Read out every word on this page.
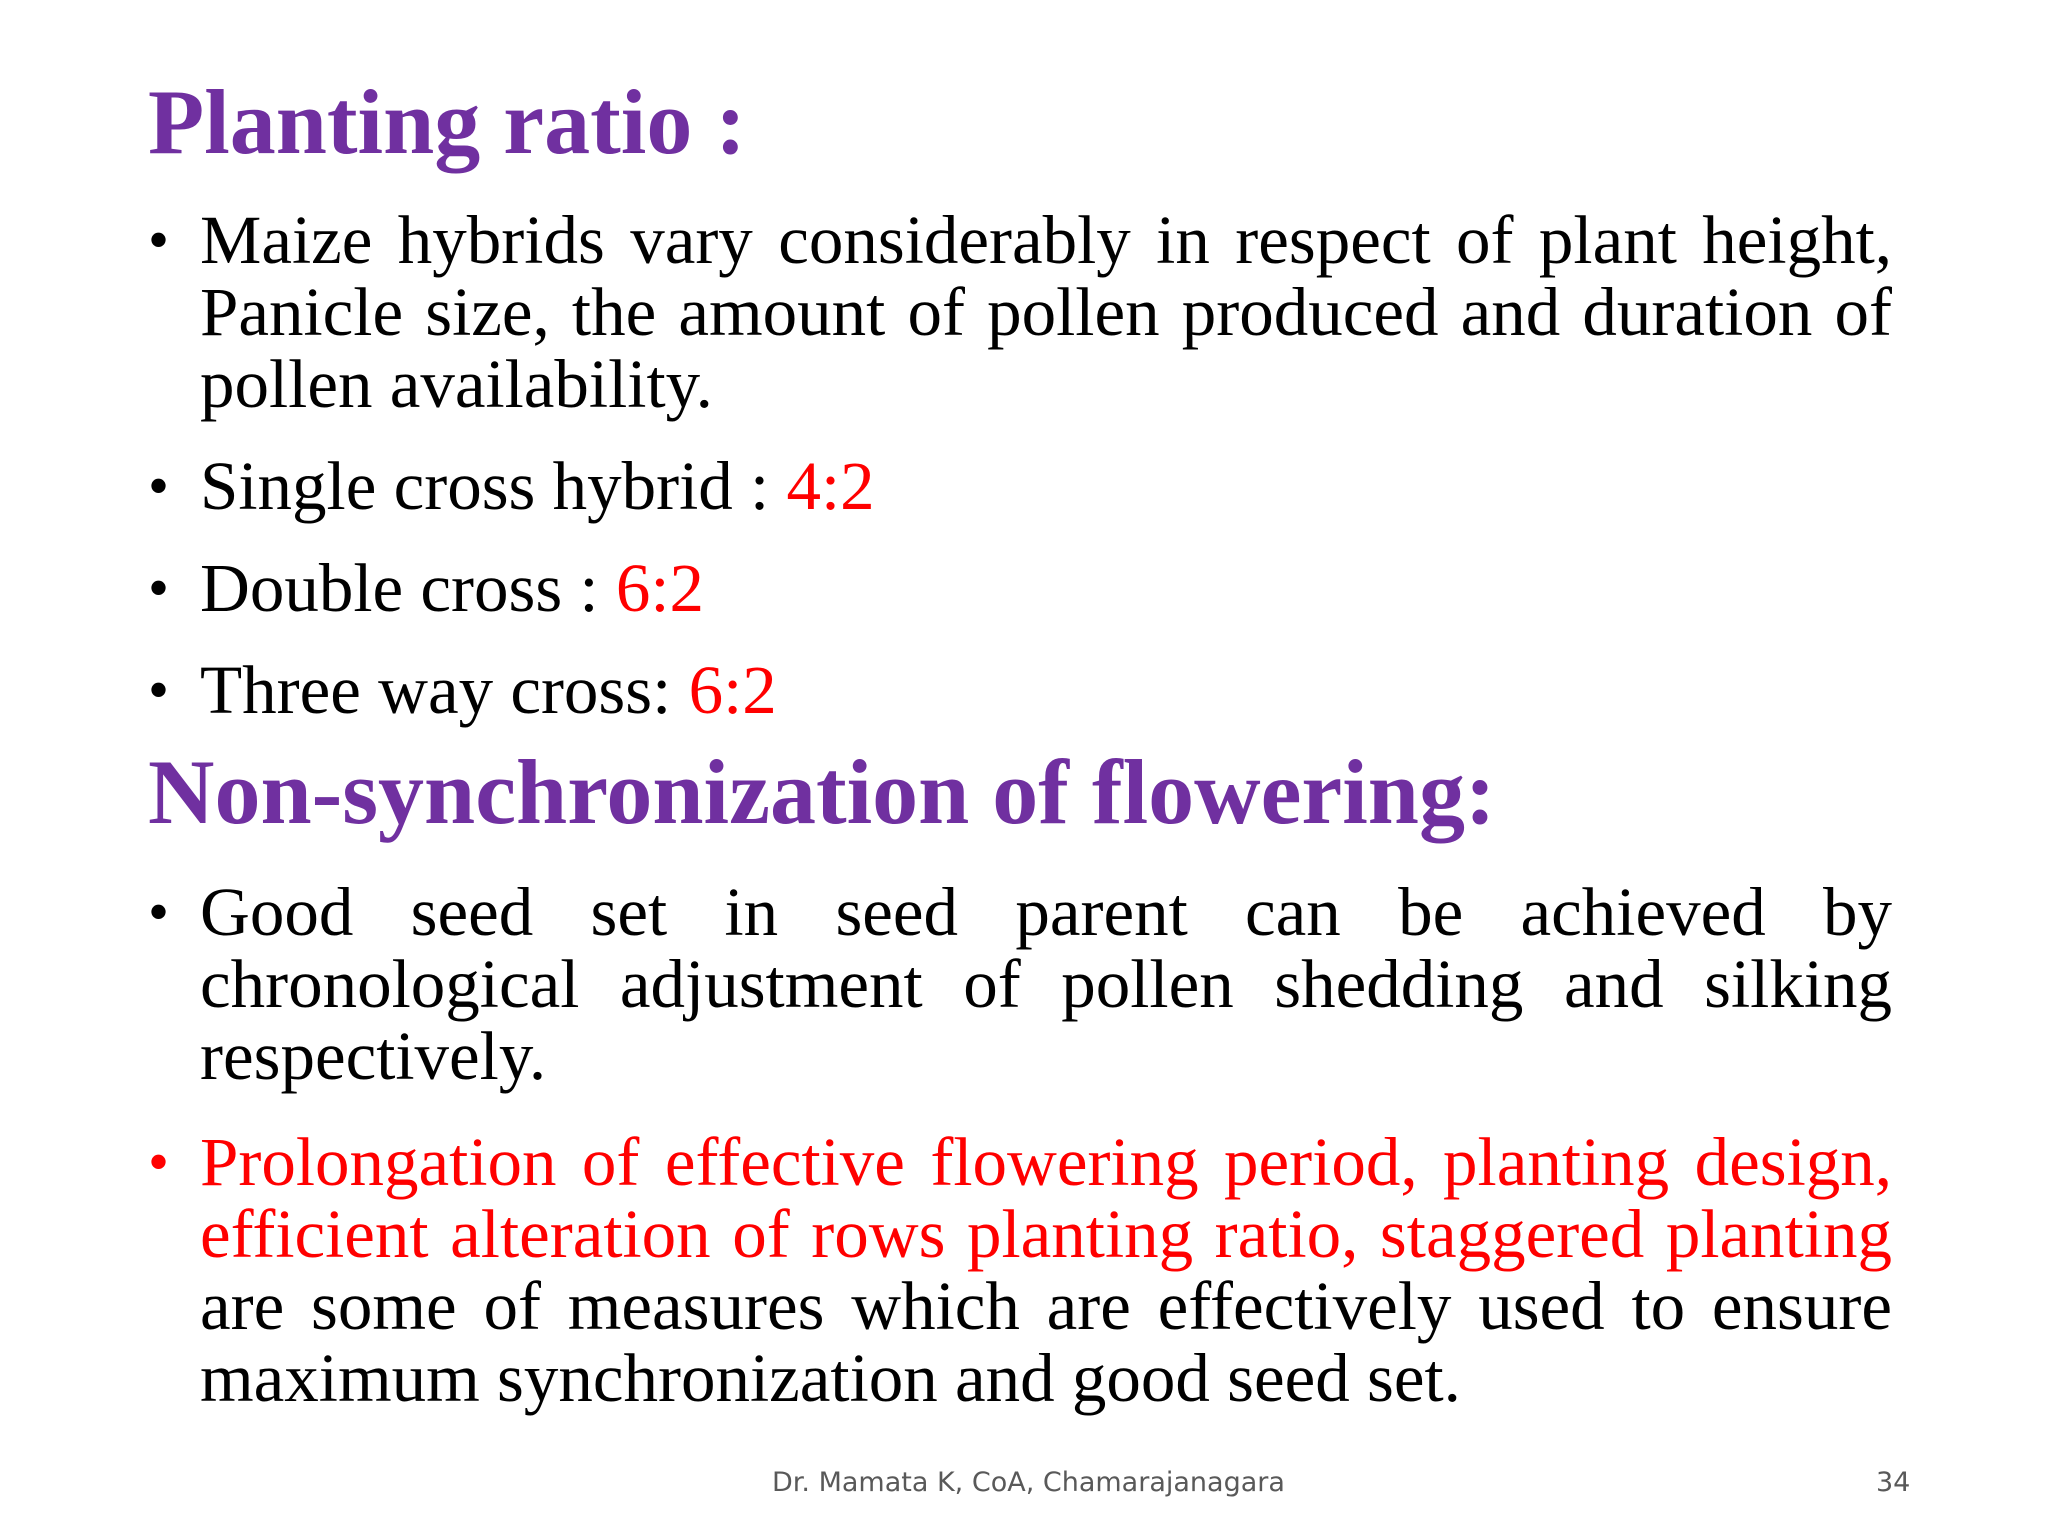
Planting ratio :
• Maize hybrids vary considerably in respect of plant height, Panicle size, the amount of pollen produced and duration of pollen availability.
• Single cross hybrid : 4:2
• Double cross : 6:2
• Three way cross: 6:2
Non-synchronization of flowering:
• Good seed set in seed parent can be achieved by chronological adjustment of pollen shedding and silking respectively.
• Prolongation of effective flowering period, planting design, efficient alteration of rows planting ratio, staggered planting are some of measures which are effectively used to ensure maximum synchronization and good seed set.
Dr. Mamata K, CoA, Chamarajanagara	34
